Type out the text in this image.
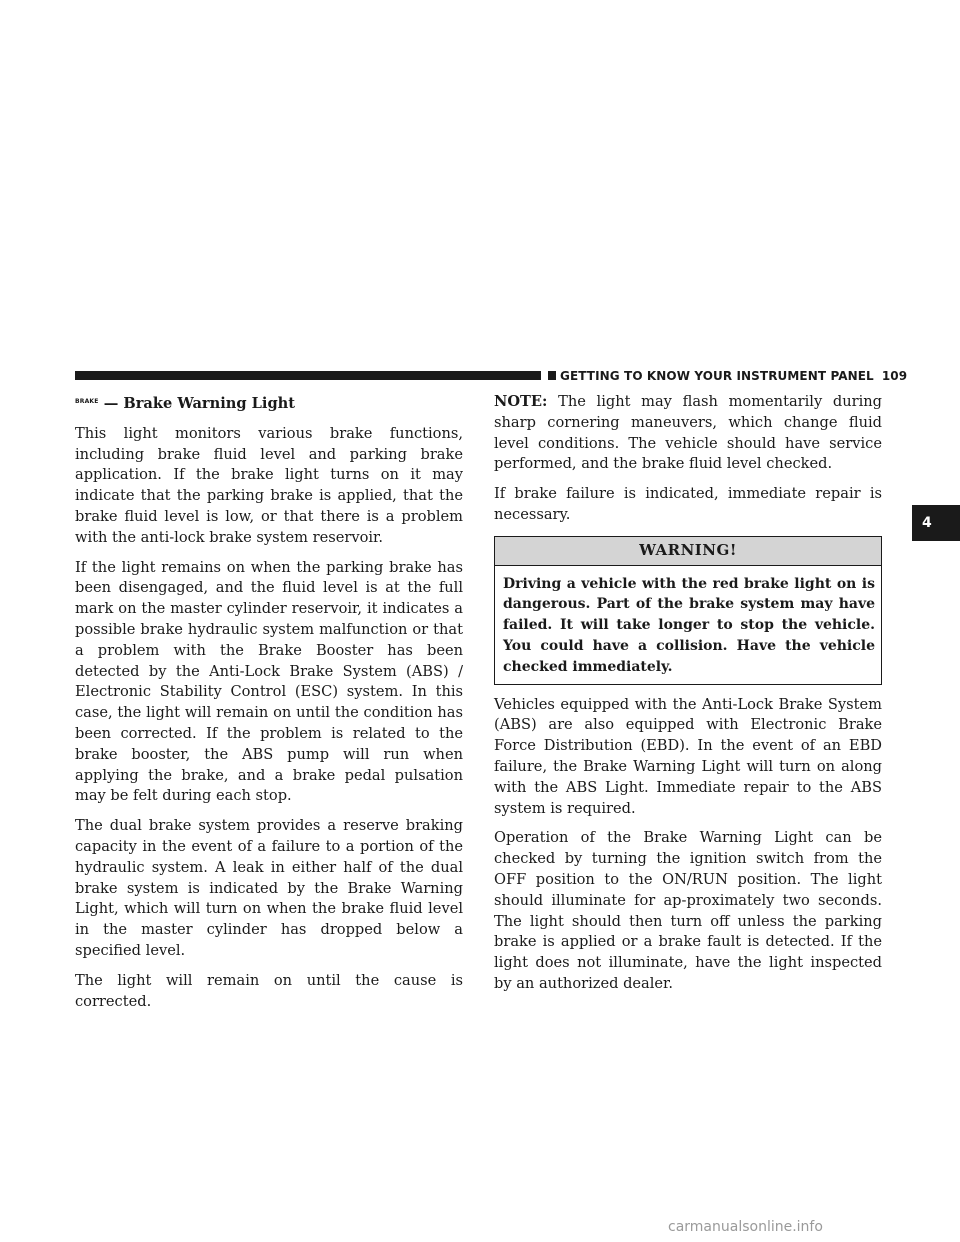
GETTING TO KNOW YOUR INSTRUMENT PANEL 109
4
BRAKE — Brake Warning Light

This light monitors various brake functions, including brake fluid level and parking brake application. If the brake light turns on it may indicate that the parking brake is applied, that the brake fluid level is low, or that there is a problem with the anti-lock brake system reservoir.

If the light remains on when the parking brake has been disengaged, and the fluid level is at the full mark on the master cylinder reservoir, it indicates a possible brake hydraulic system malfunction or that a problem with the Brake Booster has been detected by the Anti-Lock Brake System (ABS) / Electronic Stability Control (ESC) system. In this case, the light will remain on until the condition has been corrected. If the problem is related to the brake booster, the ABS pump will run when applying the brake, and a brake pedal pulsation may be felt during each stop.

The dual brake system provides a reserve braking capacity in the event of a failure to a portion of the hydraulic system. A leak in either half of the dual brake system is indicated by the Brake Warning Light, which will turn on when the brake fluid level in the master cylinder has dropped below a specified level.

The light will remain on until the cause is corrected.

NOTE: The light may flash momentarily during sharp cornering maneuvers, which change fluid level conditions. The vehicle should have service performed, and the brake fluid level checked.

If brake failure is indicated, immediate repair is necessary.

WARNING!
Driving a vehicle with the red brake light on is dangerous. Part of the brake system may have failed. It will take longer to stop the vehicle. You could have a collision. Have the vehicle checked immediately.

Vehicles equipped with the Anti-Lock Brake System (ABS) are also equipped with Electronic Brake Force Distribution (EBD). In the event of an EBD failure, the Brake Warning Light will turn on along with the ABS Light. Immediate repair to the ABS system is required.

Operation of the Brake Warning Light can be checked by turning the ignition switch from the OFF position to the ON/RUN position. The light should illuminate for ap-proximately two seconds. The light should then turn off unless the parking brake is applied or a brake fault is detected. If the light does not illuminate, have the light inspected by an authorized dealer.

carmanualsonline.info
